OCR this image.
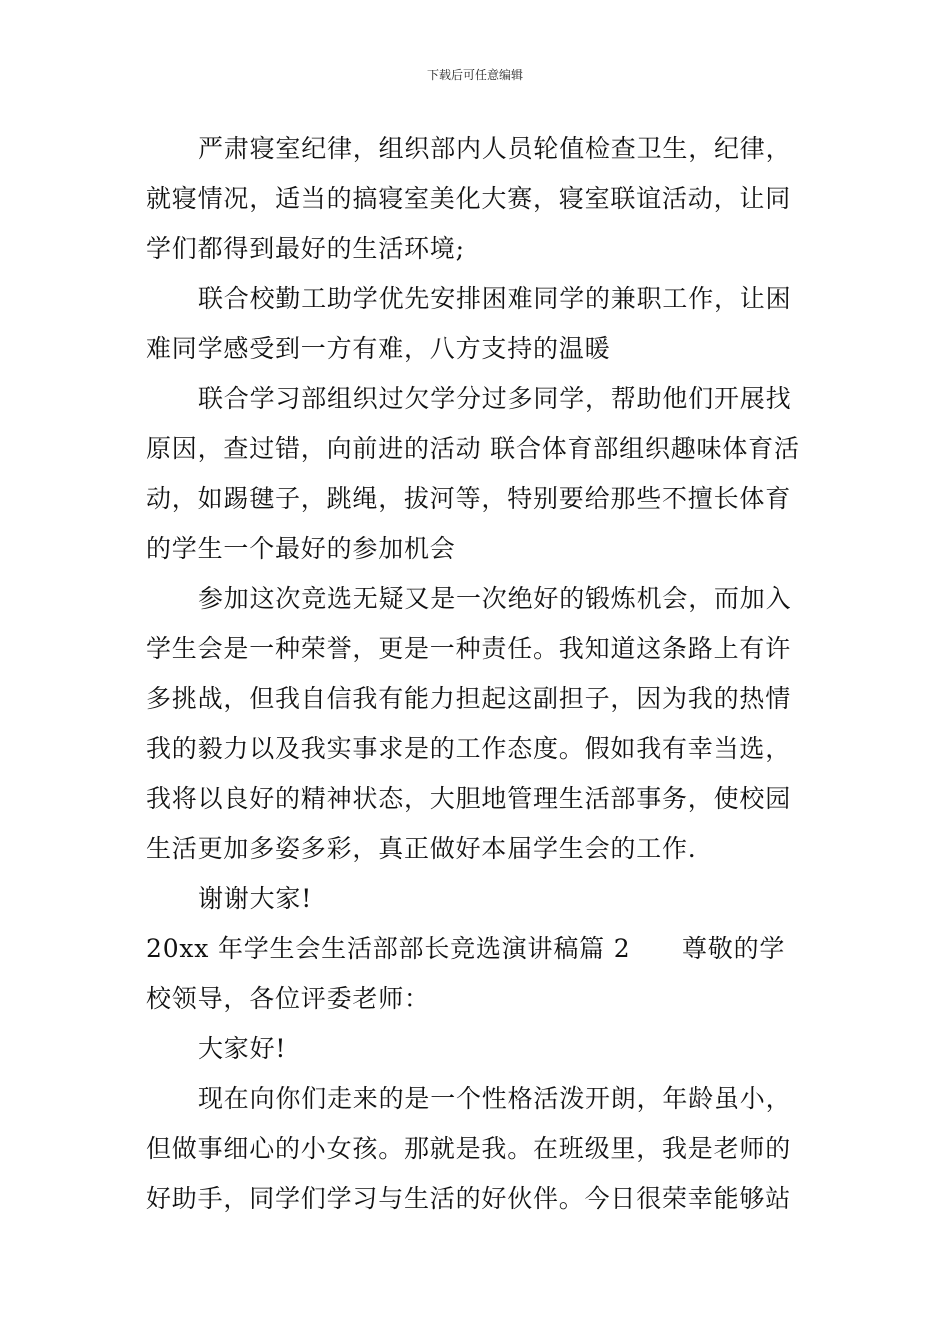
下载后可任意编辑

严肃寝室纪律，组织部内人员轮值检查卫生，纪律，就寝情况，适当的搞寝室美化大赛，寝室联谊活动，让同学们都得到最好的生活环境;

联合校勤工助学优先安排困难同学的兼职工作，让困难同学感受到一方有难，八方支持的温暖

联合学习部组织过欠学分过多同学，帮助他们开展找原因，查过错，向前进的活动 联合体育部组织趣味体育活动，如踢毽子，跳绳，拔河等，特别要给那些不擅长体育的学生一个最好的参加机会

参加这次竞选无疑又是一次绝好的锻炼机会，而加入学生会是一种荣誉，更是一种责任。我知道这条路上有许多挑战，但我自信我有能力担起这副担子，因为我的热情我的毅力以及我实事求是的工作态度。假如我有幸当选，我将以良好的精神状态，大胆地管理生活部事务，使校园生活更加多姿多彩，真正做好本届学生会的工作.

谢谢大家!

20xx 年学生会生活部部长竞选演讲稿篇 2　　尊敬的学校领导，各位评委老师：

大家好!

现在向你们走来的是一个性格活泼开朗，年龄虽小，但做事细心的小女孩。那就是我。在班级里，我是老师的好助手，同学们学习与生活的好伙伴。今日很荣幸能够站
